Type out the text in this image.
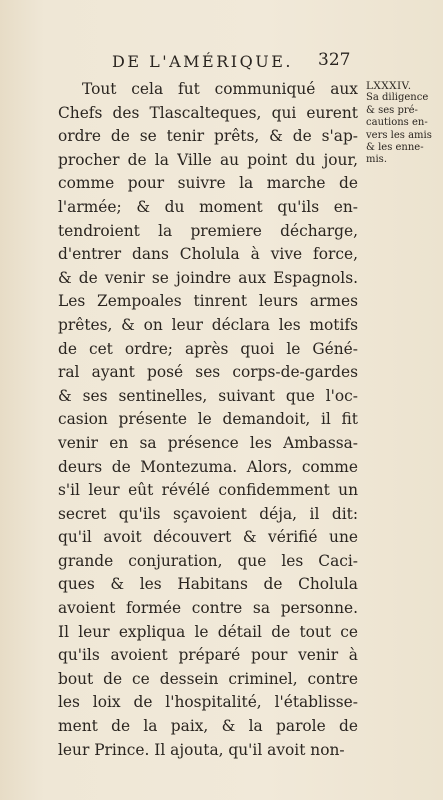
DE L'AMÉRIQUE. 327
LXXXIV.
Sa diligence
& ses pré-
cautions en-
vers les amis
& les enne-
mis.
Tout cela fut communiqué aux
Chefs des Tlascalteques, qui eurent
ordre de se tenir prêts, & de s'ap-
procher de la Ville au point du jour,
comme pour suivre la marche de
l'armée; & du moment qu'ils en-
tendroient la premiere décharge,
d'entrer dans Cholula à vive force,
& de venir se joindre aux Espagnols.
Les Zempoales tinrent leurs armes
prêtes, & on leur déclara les motifs
de cet ordre; après quoi le Géné-
ral ayant posé ses corps-de-gardes
& ses sentinelles, suivant que l'oc-
casion présente le demandoit, il fit
venir en sa présence les Ambassa-
deurs de Montezuma. Alors, comme
s'il leur eût révélé confidemment un
secret qu'ils sçavoient déja, il dit:
qu'il avoit découvert & vérifié une
grande conjuration, que les Caci-
ques & les Habitans de Cholula
avoient formée contre sa personne.
Il leur expliqua le détail de tout ce
qu'ils avoient préparé pour venir à
bout de ce dessein criminel, contre
les loix de l'hospitalité, l'établisse-
ment de la paix, & la parole de
leur Prince. Il ajouta, qu'il avoit non-
